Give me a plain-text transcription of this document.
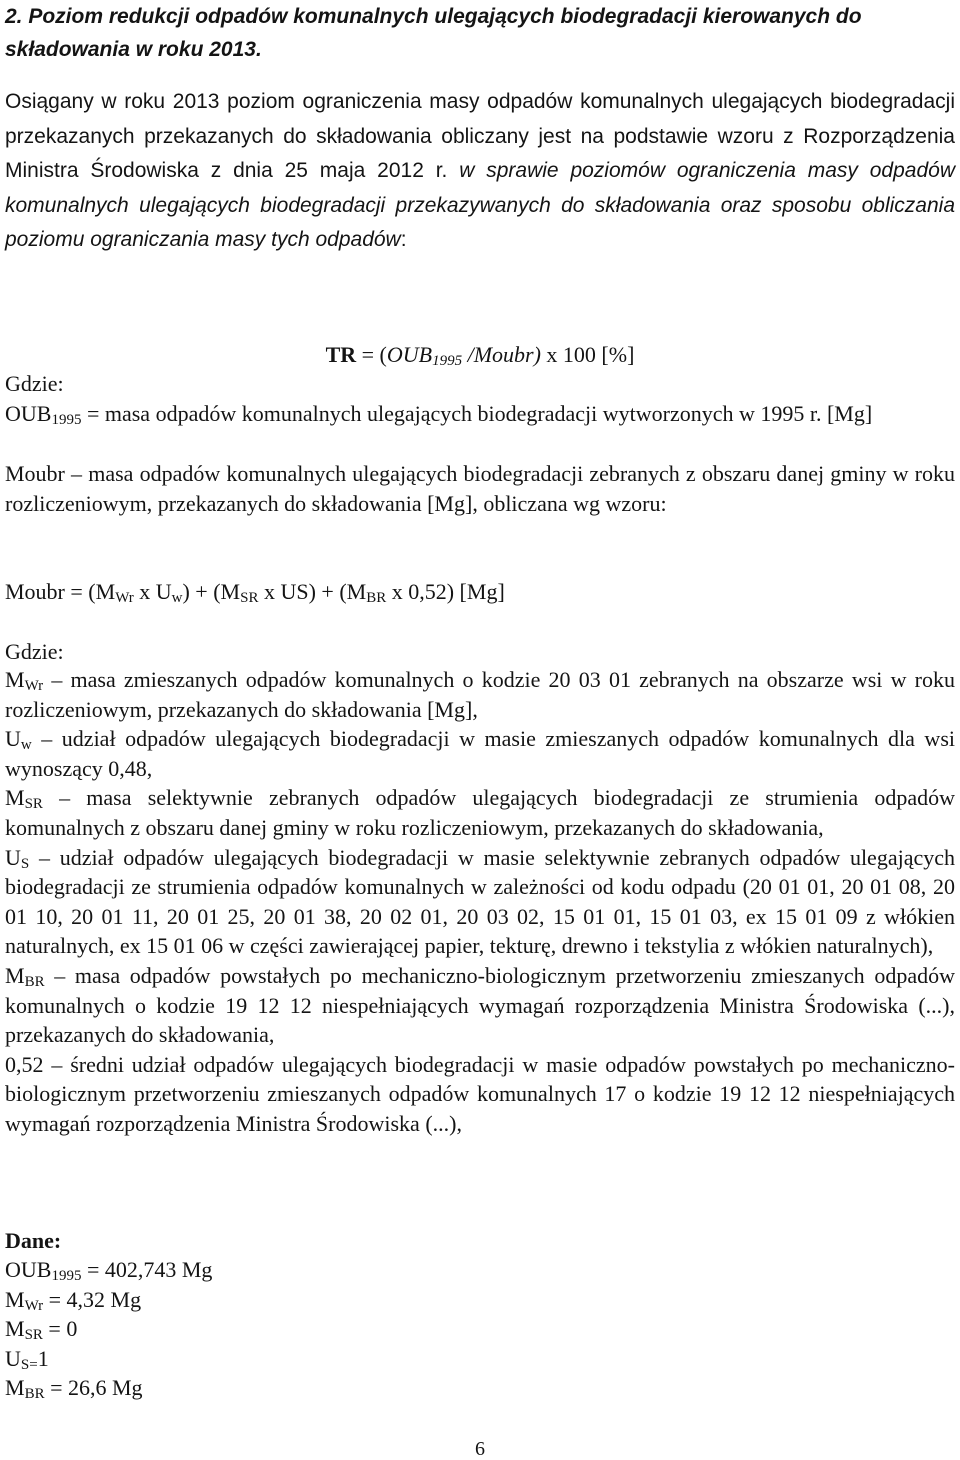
2. Poziom redukcji odpadów komunalnych ulegających biodegradacji kierowanych do składowania w roku 2013.

Osiągany w roku 2013 poziom ograniczenia masy odpadów komunalnych ulegających biodegradacji przekazanych przekazanych do składowania obliczany jest na podstawie wzoru z Rozporządzenia Ministra Środowiska z dnia 25 maja 2012 r. w sprawie poziomów ograniczenia masy odpadów komunalnych ulegających biodegradacji przekazywanych do składowania oraz sposobu obliczania poziomu ograniczania masy tych odpadów:

TR = ($OUB_{1995}$ /Moubr) x 100 [%]

Gdzie:

$OUB_{1995}$ = masa odpadów komunalnych ulegających biodegradacji wytworzonych w 1995 r. [Mg]

Moubr – masa odpadów komunalnych ulegających biodegradacji zebranych z obszaru danej gminy w roku rozliczeniowym, przekazanych do składowania [Mg], obliczana wg wzoru:

Moubr = ($M_{Wr}$ x $U_w) + (M_{SR}$ x $US) + (M_{BR}$ x 0,52) [Mg]

Gdzie:

$M_{Wr}$ – masa zmieszanych odpadów komunalnych o kodzie 20 03 01 zebranych na obszarze wsi w roku rozliczeniowym, przekazanych do składowania [Mg],
$U_w$ – udział odpadów ulegających biodegradacji w masie zmieszanych odpadów komunalnych dla wsi wynoszący 0,48,
$M_{SR}$ – masa selektywnie zebranych odpadów ulegających biodegradacji ze strumienia odpadów komunalnych z obszaru danej gminy w roku rozliczeniowym, przekazanych do składowania,
$U_S$ – udział odpadów ulegających biodegradacji w masie selektywnie zebranych odpadów ulegających biodegradacji ze strumienia odpadów komunalnych w zależności od kodu odpadu (20 01 01, 20 01 08, 20 01 10, 20 01 11, 20 01 25, 20 01 38, 20 02 01, 20 03 02, 15 01 01, 15 01 03, ex 15 01 09 z włókien naturalnych, ex 15 01 06 w części zawierającej papier, tekturę, drewno i tekstylia z włókien naturalnych),
$M_{BR}$ – masa odpadów powstałych po mechaniczno-biologicznym przetworzeniu zmieszanych odpadów komunalnych o kodzie 19 12 12 niespełniających wymagań rozporządzenia Ministra Środowiska (...), przekazanych do składowania,
0,52 – średni udział odpadów ulegających biodegradacji w masie odpadów powstałych po mechaniczno-biologicznym przetworzeniu zmieszanych odpadów komunalnych 17 o kodzie 19 12 12 niespełniających wymagań rozporządzenia Ministra Środowiska (...),

Dane:

$OUB_{1995} = 402,743$ Mg
$M_{Wr} = 4,32$ Mg
$M_{SR} = 0$
$U_{S=}1$
$M_{BR} = 26,6$ Mg
6
